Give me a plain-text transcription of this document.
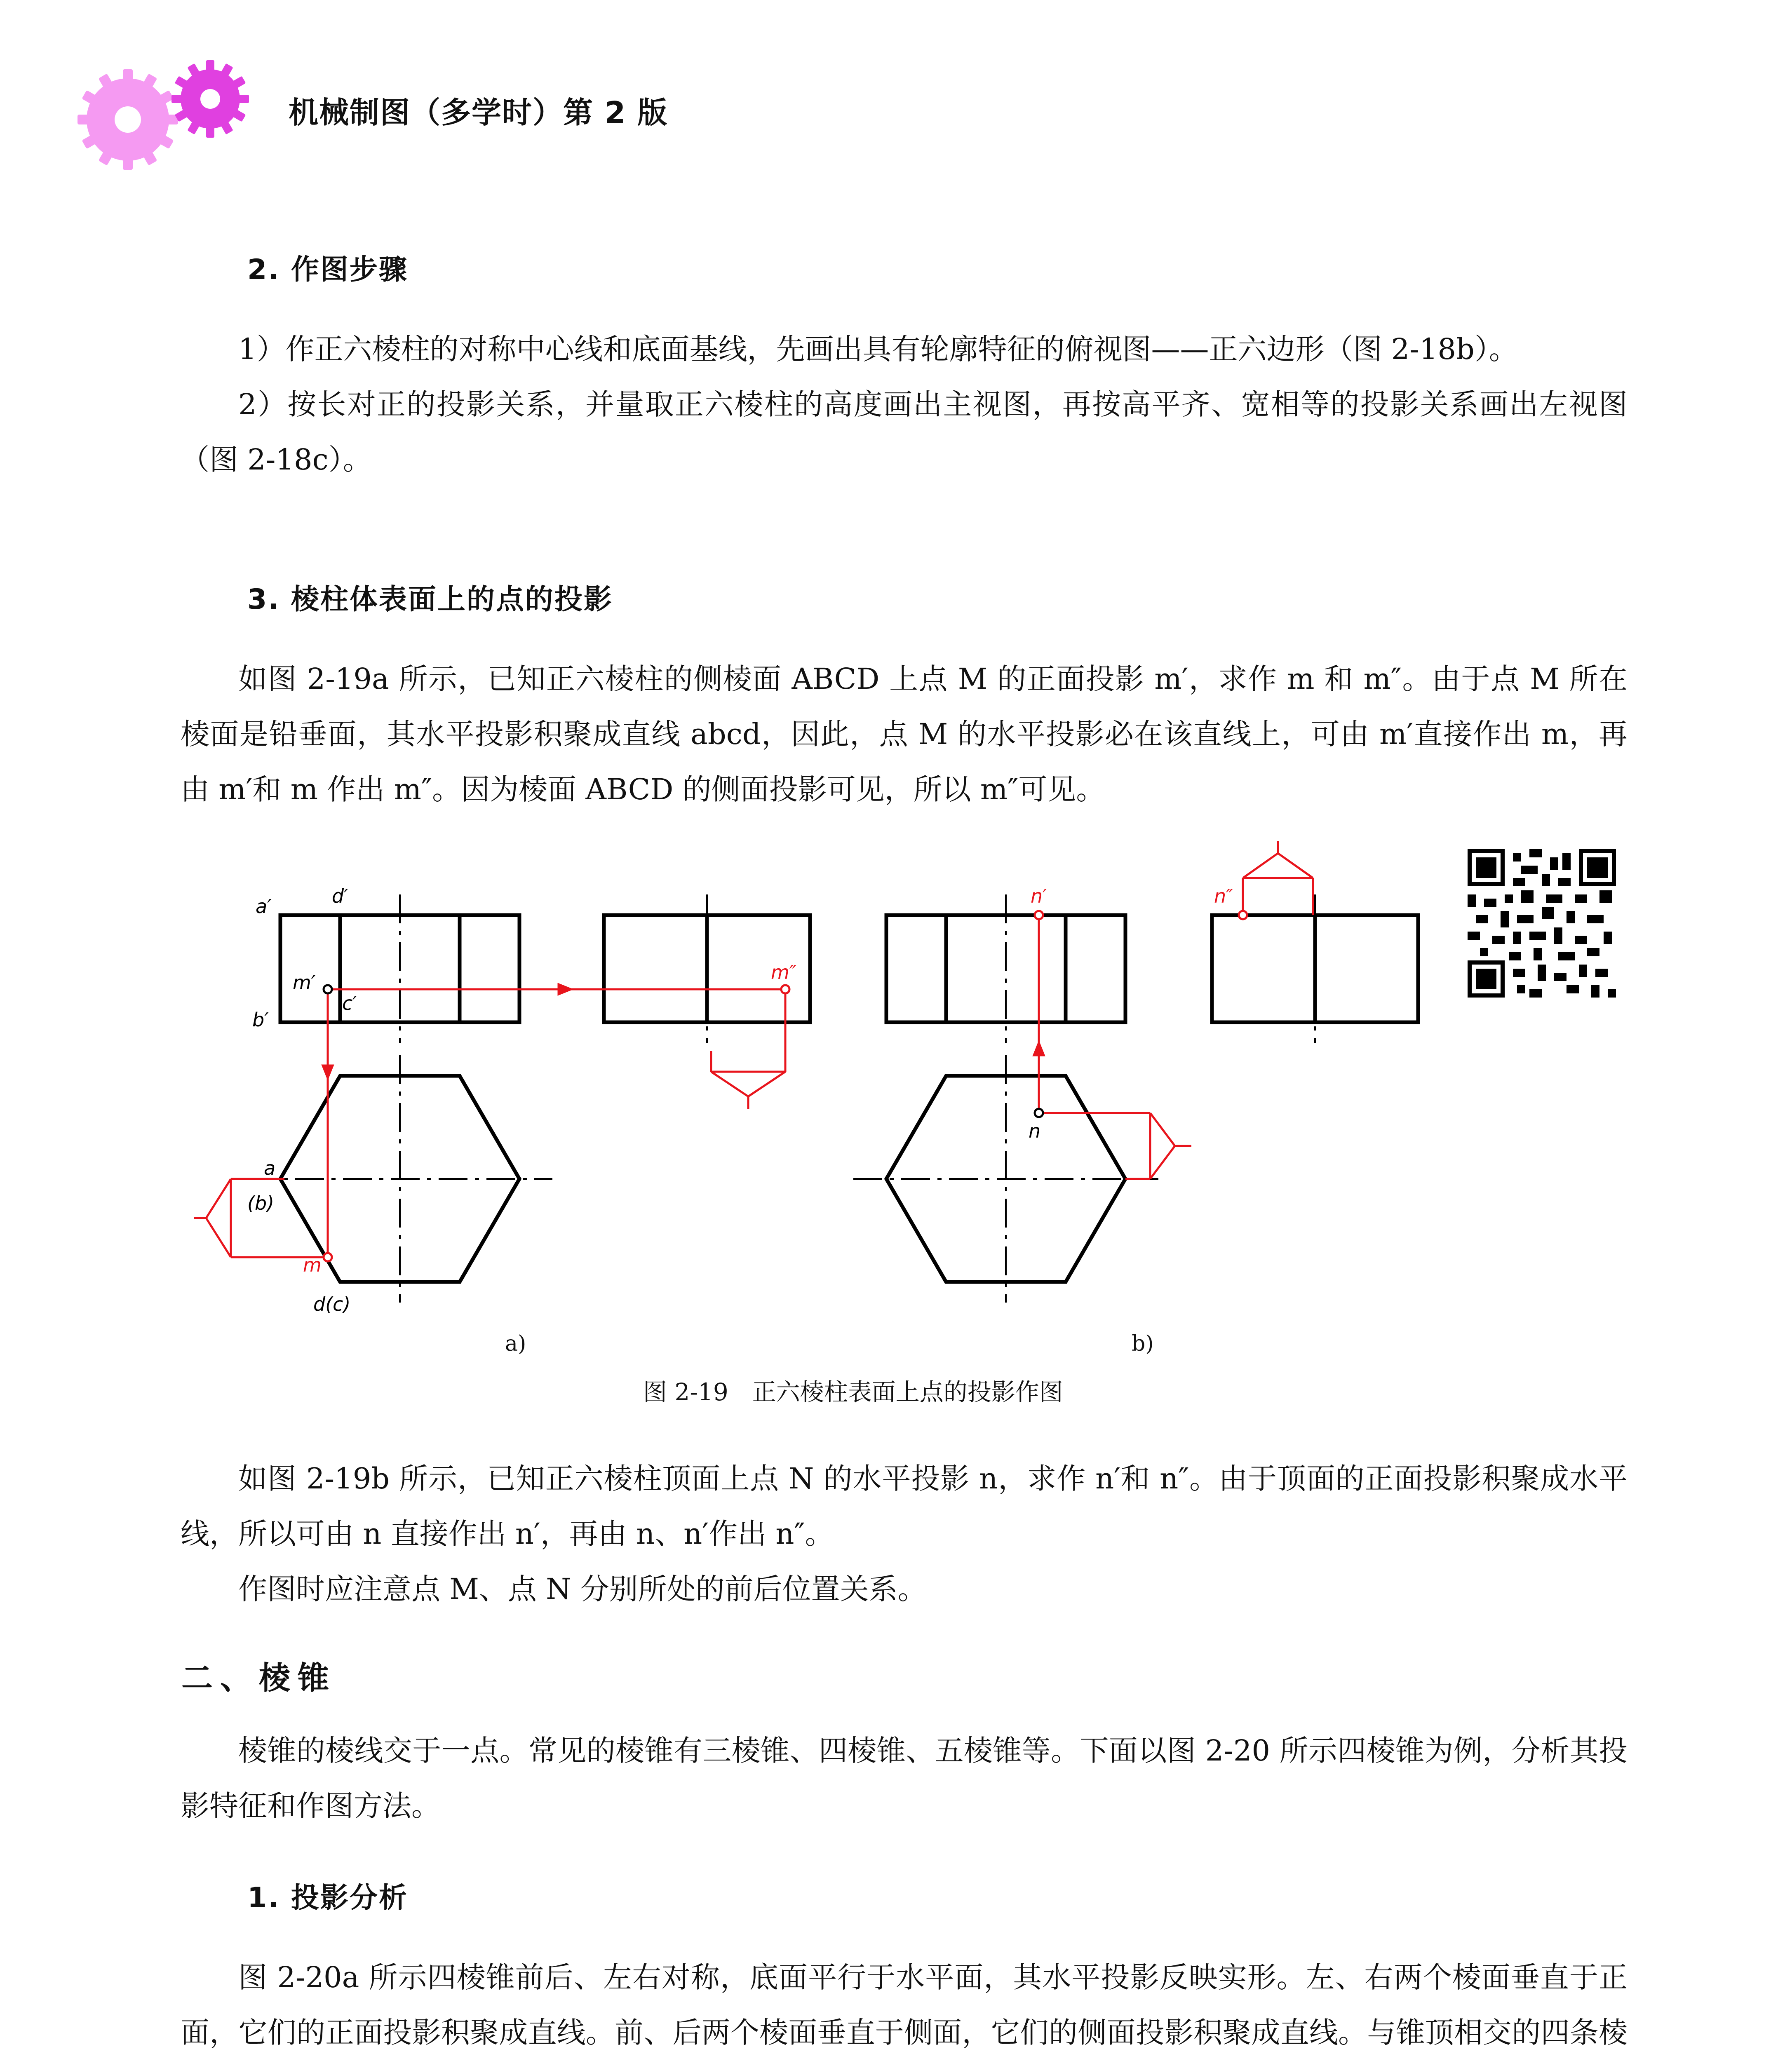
机械制图（多学时）第 2 版
2. 作图步骤

1）作正六棱柱的对称中心线和底面基线，先画出具有轮廓特征的俯视图——正六边形（图 2-18b）。

2）按长对正的投影关系，并量取正六棱柱的高度画出主视图，再按高平齐、宽相等的投影关系画出左视图（图 2-18c）。

3. 棱柱体表面上的点的投影

如图 2-19a 所示，已知正六棱柱的侧棱面 ABCD 上点 M 的正面投影 m′，求作 m 和 m″。由于点 M 所在棱面是铅垂面，其水平投影积聚成直线 abcd，因此，点 M 的水平投影必在该直线上，可由 m′直接作出 m，再由 m′和 m 作出 m″。因为棱面 ABCD 的侧面投影可见，所以 m″可见。

a′	d′
m′
c′
b′
m″
a
(b)
m
d(c)
n′
n
n″
a)	b)
图 2-19　正六棱柱表面上点的投影作图

如图 2-19b 所示，已知正六棱柱顶面上点 N 的水平投影 n，求作 n′和 n″。由于顶面的正面投影积聚成水平线，所以可由 n 直接作出 n′，再由 n、n′作出 n″。

作图时应注意点 M、点 N 分别所处的前后位置关系。

二、棱锥

棱锥的棱线交于一点。常见的棱锥有三棱锥、四棱锥、五棱锥等。下面以图 2-20 所示四棱锥为例，分析其投影特征和作图方法。

1. 投影分析

图 2-20a 所示四棱锥前后、左右对称，底面平行于水平面，其水平投影反映实形。左、右两个棱面垂直于正面，它们的正面投影积聚成直线。前、后两个棱面垂直于侧面，它们的侧面投影积聚成直线。与锥顶相交的四条棱
